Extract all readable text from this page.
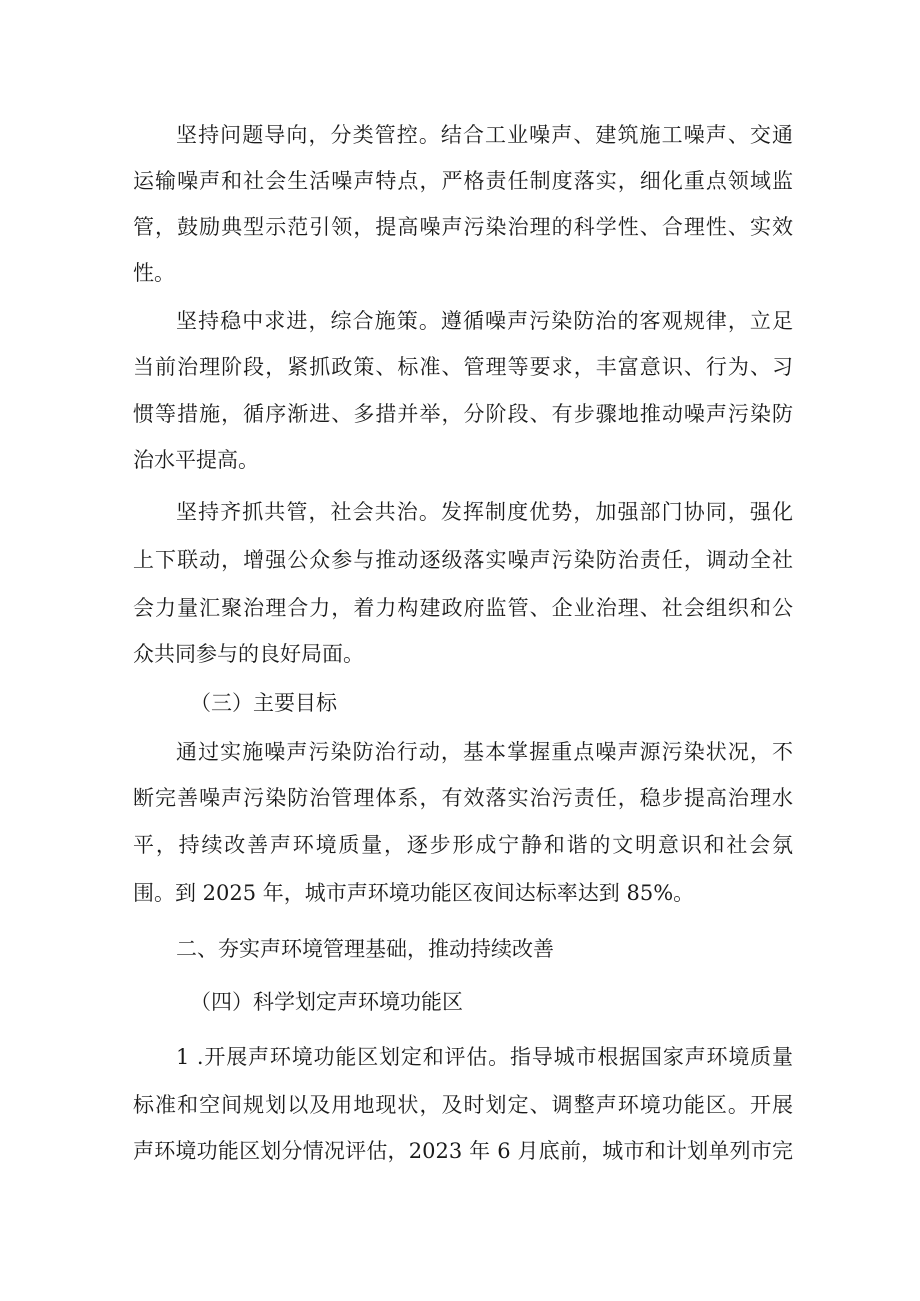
坚持问题导向，分类管控。结合工业噪声、建筑施工噪声、交通
运输噪声和社会生活噪声特点，严格责任制度落实，细化重点领域监
管，鼓励典型示范引领，提高噪声污染治理的科学性、合理性、实效
性。
坚持稳中求进，综合施策。遵循噪声污染防治的客观规律，立足
当前治理阶段，紧抓政策、标准、管理等要求，丰富意识、行为、习
惯等措施，循序渐进、多措并举，分阶段、有步骤地推动噪声污染防
治水平提高。
坚持齐抓共管，社会共治。发挥制度优势，加强部门协同，强化
上下联动，增强公众参与推动逐级落实噪声污染防治责任，调动全社
会力量汇聚治理合力，着力构建政府监管、企业治理、社会组织和公
众共同参与的良好局面。
（三）主要目标
通过实施噪声污染防治行动，基本掌握重点噪声源污染状况，不
断完善噪声污染防治管理体系，有效落实治污责任，稳步提高治理水
平，持续改善声环境质量，逐步形成宁静和谐的文明意识和社会氛
围。到 2025 年，城市声环境功能区夜间达标率达到 85%。
二、夯实声环境管理基础，推动持续改善
（四）科学划定声环境功能区
1 .开展声环境功能区划定和评估。指导城市根据国家声环境质量
标准和空间规划以及用地现状，及时划定、调整声环境功能区。开展
声环境功能区划分情况评估，2023 年 6 月底前，城市和计划单列市完
